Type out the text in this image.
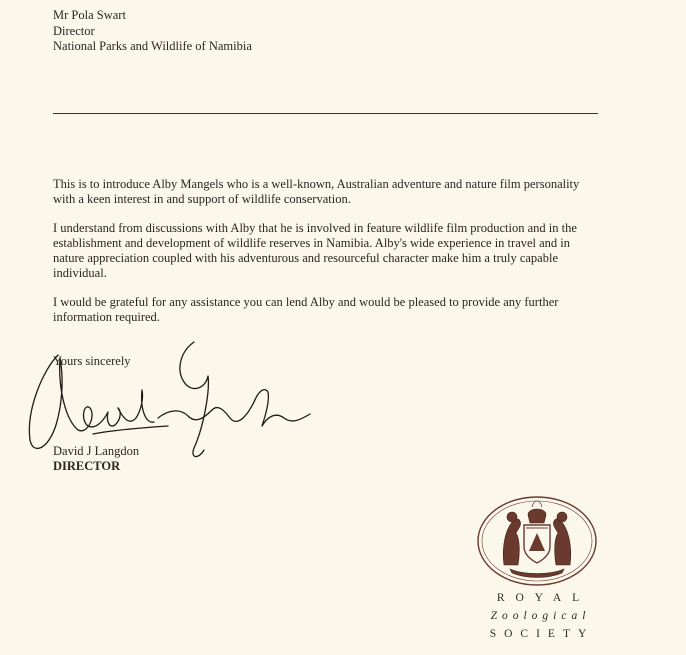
Mr Pola Swart
Director
National Parks and Wildlife of Namibia

This is to introduce Alby Mangels who is a well-known, Australian adventure and nature film personality with a keen interest in and support of wildlife conservation.

I understand from discussions with Alby that he is involved in feature wildlife film production and in the establishment and development of wildlife reserves in Namibia. Alby's wide experience in travel and in nature appreciation coupled with his adventurous and resourceful character make him a truly capable individual.

I would be grateful for any assistance you can lend Alby and would be pleased to provide any further information required.

Yours sincerely
David J Langdon
DIRECTOR
ROYAL
Zoological
SOCIETY
